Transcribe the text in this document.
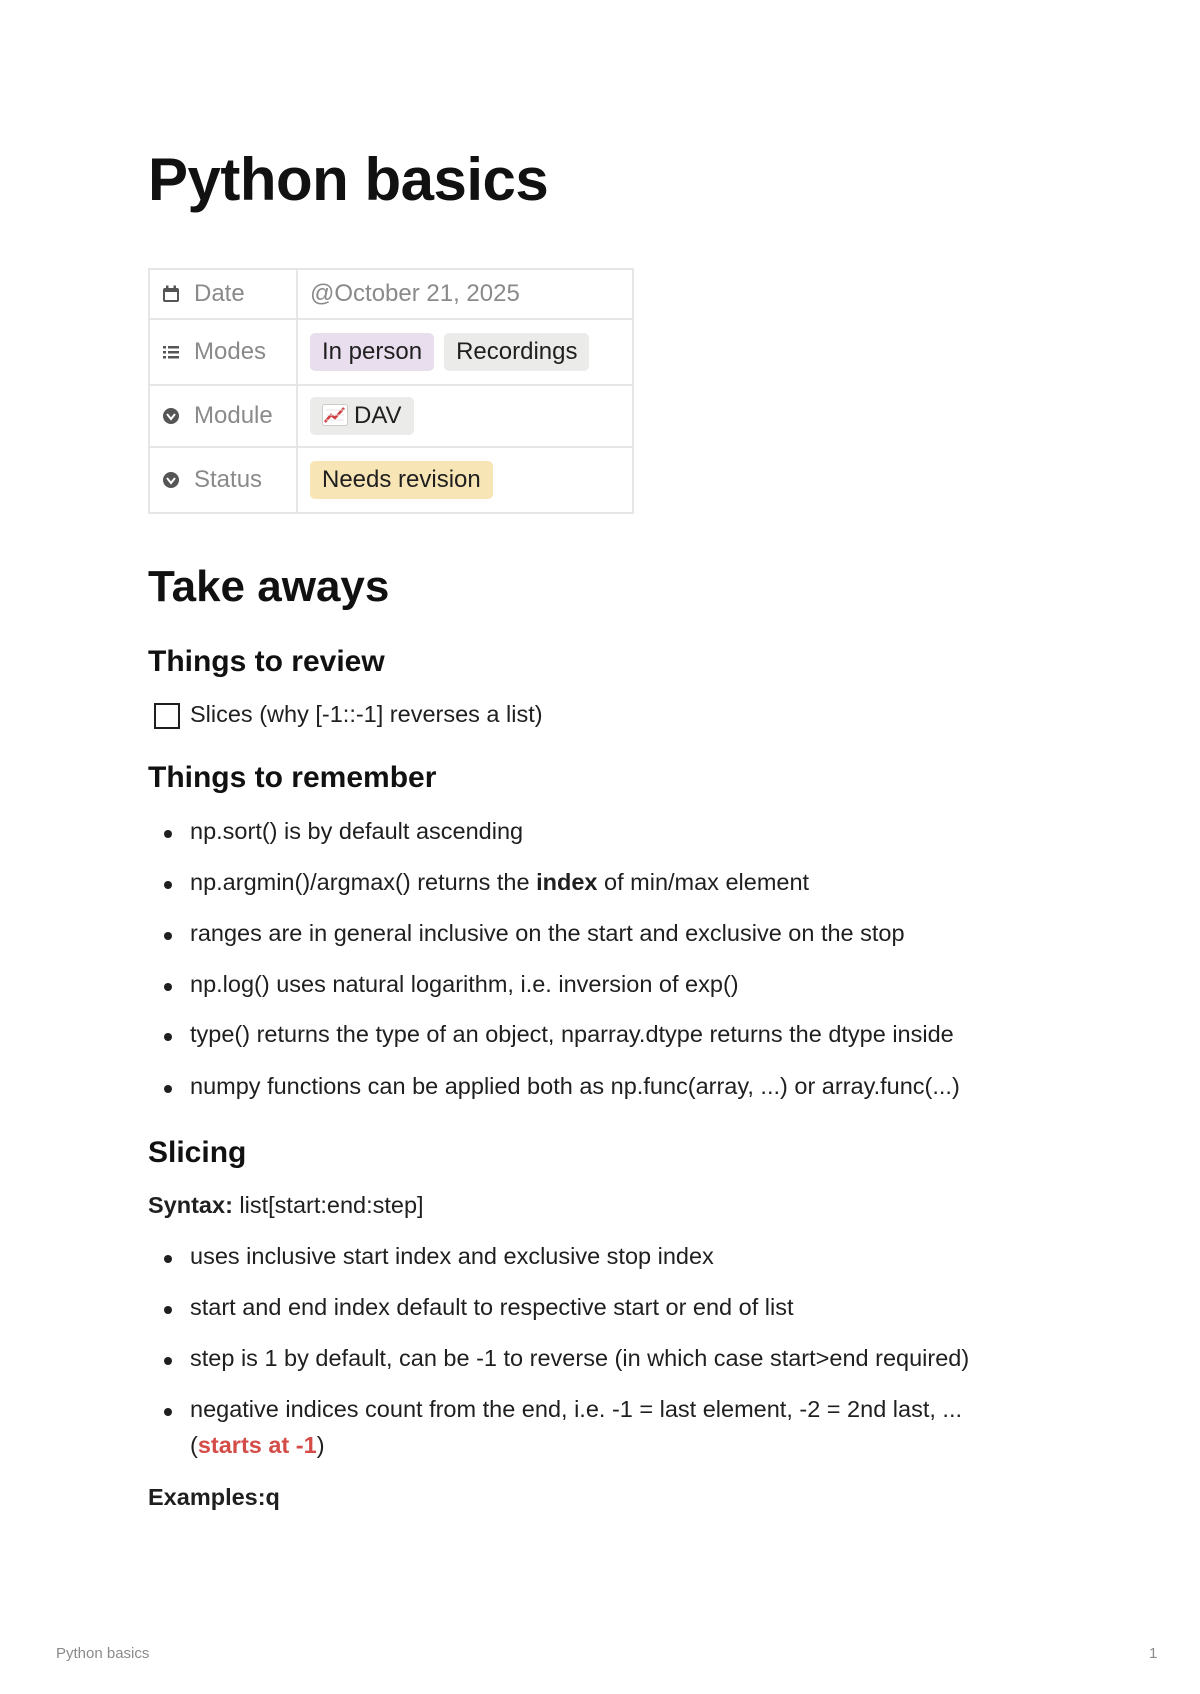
Python basics
Date	@October 21, 2025

Modes	In person Recordings

Module	DAV

Status	Needs revision
Take aways
Things to review
Slices (why [-1::-1] reverses a list)
Things to remember
np.sort() is by default ascending
np.argmin()/argmax() returns the index of min/max element
ranges are in general inclusive on the start and exclusive on the stop
np.log() uses natural logarithm, i.e. inversion of exp()
type() returns the type of an object, nparray.dtype returns the dtype inside
numpy functions can be applied both as np.func(array, ...) or array.func(...)
Slicing
Syntax: list[start:end:step]
uses inclusive start index and exclusive stop index
start and end index default to respective start or end of list
step is 1 by default, can be -1 to reverse (in which case start>end required)
negative indices count from the end, i.e. -1 = last element, -2 = 2nd last, ...
(starts at -1)
Examples:q
Python basics	1
